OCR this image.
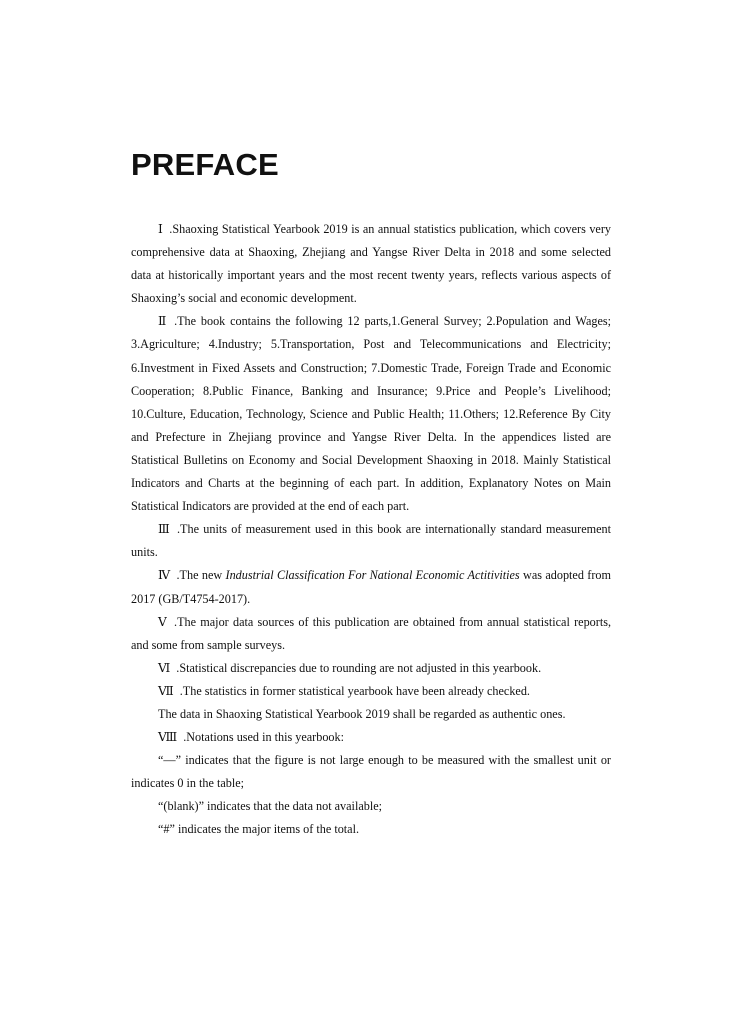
PREFACE

Ⅰ .Shaoxing Statistical Yearbook 2019 is an annual statistics publication, which covers very comprehensive data at Shaoxing, Zhejiang and Yangse River Delta in 2018 and some selected data at historically important years and the most recent twenty years, reflects various aspects of Shaoxing’s social and economic development.

Ⅱ .The book contains the following 12 parts,1.General Survey; 2.Population and Wages; 3.Agriculture; 4.Industry; 5.Transportation, Post and Telecommunications and Electricity; 6.Investment in Fixed Assets and Construction; 7.Domestic Trade, Foreign Trade and Economic Cooperation; 8.Public Finance, Banking and Insurance; 9.Price and People’s Livelihood; 10.Culture, Education, Technology, Science and Public Health; 11.Others; 12.Reference By City and Prefecture in Zhejiang province and Yangse River Delta. In the appendices listed are Statistical Bulletins on Economy and Social Development Shaoxing in 2018. Mainly Statistical Indicators and Charts at the beginning of each part. In addition, Explanatory Notes on Main Statistical Indicators are provided at the end of each part.

Ⅲ .The units of measurement used in this book are internationally standard measurement units.

Ⅳ .The new Industrial Classification For National Economic Actitivities was adopted from 2017 (GB/T4754-2017).

Ⅴ .The major data sources of this publication are obtained from annual statistical reports, and some from sample surveys.

Ⅵ .Statistical discrepancies due to rounding are not adjusted in this yearbook.

Ⅶ .The statistics in former statistical yearbook have been already checked.

The data in Shaoxing Statistical Yearbook 2019 shall be regarded as authentic ones.

Ⅷ .Notations used in this yearbook:

“—” indicates that the figure is not large enough to be measured with the smallest unit or indicates 0 in the table;

“(blank)” indicates that the data not available;

“#” indicates the major items of the total.
